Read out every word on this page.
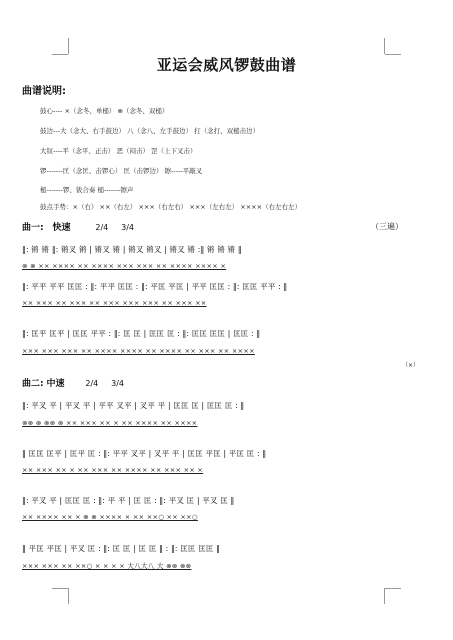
亚运会威风锣鼓曲谱
曲谱说明:
鼓心---- ×（念冬、单槌） ⊗（念冬、双槌）
鼓边---大（念大、右手鼓边） 八（念八、左手鼓边） 打（念打、双槌击边）
大钗----平（念平、正击） 恶（闷击） 罡（上下叉击）
锣-------匡（念匡、击锣心） 匡（击锣边） 镲-----平敲叉
槌-------锣、钹合奏 槌-------镲声
鼓点手势：×（右） ××（右左） ×××（右左右） ×××（左右左） ××××（右左右左）
曲一: 快速	2/4 3/4	（三遍）
‖: 锵 锵 ‖: 锵叉 锵 | 锵叉 锵 | 锵叉 锵叉 | 锵叉 锵 :‖ 锵 锵 锵 ‖
⊗ ⊗ ×× ×××× ×× ×××× ××× ××× ×× ×××× ×××× ×
‖: 平平 平平 匡匡 : ‖: 平平 匡匡 : ‖: 平匡 平匡 | 平平 匡匡 : ‖: 匡匡 平平 : ‖
×× ××× ×× ××× ×× ××× ××× ××× ×× ××× ××
‖: 匡平 匡平 | 匡匡 平平 : ‖: 匡 匡 | 匡匡 匡 : ‖: 匡匡 匡匡 | 匡匡 : ‖
××× ××× ××× ×× ×××× ×××× ×× ×××× ×× ××× ×× ××××
（×）
曲二: 中速	2/4 3/4
‖: 平叉 平 | 平叉 平 | 平平 叉平 | 叉平 平 | 匡匡 匡 | 匡匡 匡 : ‖
⊗⊗ ⊗ ⊗⊗ ⊗ ×× ××× ×× × ×× ×××× ×× ××××
‖ 匡匡 匡平 | 匡平 匡 : ‖: 平平 叉平 | 叉平 平 | 匡匡 平匡 | 平匡 匡 : ‖
×× ××× ×× × ×× ××× ×× ×××× ×× ××× ×× ×
‖: 平叉 平 | 匡匡 匡 : ‖: 平 平 | 匡 匡 : ‖: 平叉 匡 | 平叉 匡 ‖
×× ×××× ×× × ⊗ ⊗ ×××× × ×× ××○ ×× ××○
‖ 平匡 平匡 | 平叉 匡 : ‖: 匡 匡 | 匡 匡 ‖ : ‖: 匡匡 匡匡 ‖
××× ××× ×× ××○ × × × × 大八大八 大 ⊗⊗ ⊗⊗
